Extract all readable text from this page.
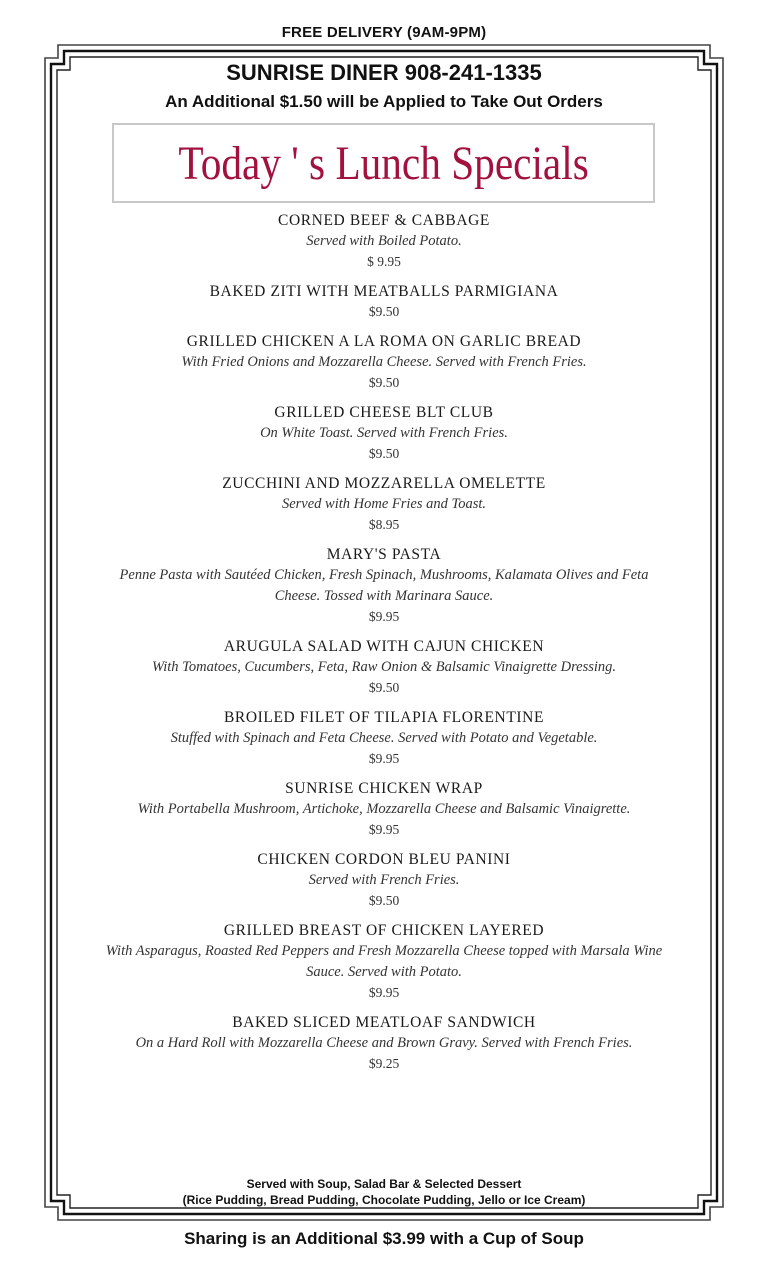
FREE DELIVERY (9AM-9PM)
SUNRISE DINER 908-241-1335
An Additional $1.50 will be Applied to Take Out Orders
Today ' s Lunch Specials
CORNED BEEF & CABBAGE
Served with Boiled Potato.
$ 9.95
BAKED ZITI WITH MEATBALLS PARMIGIANA
$9.50
GRILLED CHICKEN A LA ROMA ON GARLIC BREAD
With Fried Onions and Mozzarella Cheese. Served with French Fries.
$9.50
GRILLED CHEESE BLT CLUB
On White Toast. Served with French Fries.
$9.50
ZUCCHINI AND MOZZARELLA OMELETTE
Served with Home Fries and Toast.
$8.95
MARY'S PASTA
Penne Pasta with Sautéed Chicken, Fresh Spinach, Mushrooms, Kalamata Olives and Feta Cheese. Tossed with Marinara Sauce.
$9.95
ARUGULA SALAD WITH CAJUN CHICKEN
With Tomatoes, Cucumbers, Feta, Raw Onion & Balsamic Vinaigrette Dressing.
$9.50
BROILED FILET OF TILAPIA FLORENTINE
Stuffed with Spinach and Feta Cheese. Served with Potato and Vegetable.
$9.95
SUNRISE CHICKEN WRAP
With Portabella Mushroom, Artichoke, Mozzarella Cheese and Balsamic Vinaigrette.
$9.95
CHICKEN CORDON BLEU PANINI
Served with French Fries.
$9.50
GRILLED BREAST OF CHICKEN LAYERED
With Asparagus, Roasted Red Peppers and Fresh Mozzarella Cheese topped with Marsala Wine Sauce. Served with Potato.
$9.95
BAKED SLICED MEATLOAF SANDWICH
On a Hard Roll with Mozzarella Cheese and Brown Gravy. Served with French Fries.
$9.25
Served with Soup, Salad Bar & Selected Dessert
(Rice Pudding, Bread Pudding, Chocolate Pudding, Jello or Ice Cream)
Sharing is an Additional $3.99 with a Cup of Soup
